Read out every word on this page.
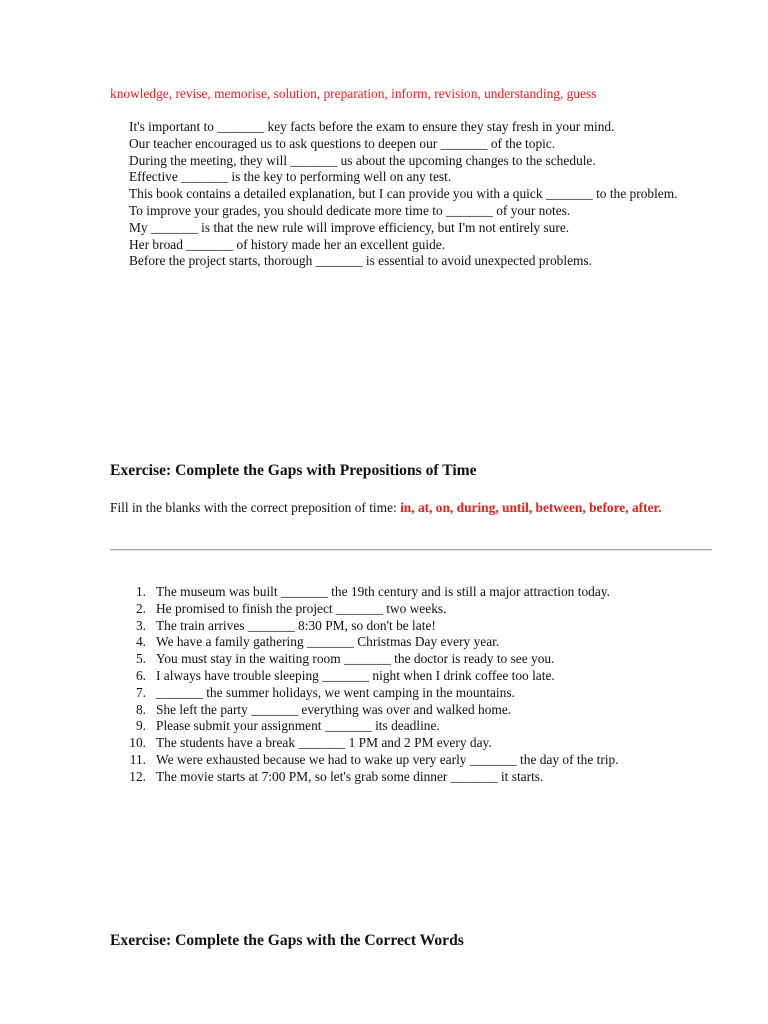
knowledge, revise, memorise, solution, preparation, inform, revision, understanding, guess
It's important to _______ key facts before the exam to ensure they stay fresh in your mind.
Our teacher encouraged us to ask questions to deepen our _______ of the topic.
During the meeting, they will _______ us about the upcoming changes to the schedule.
Effective _______ is the key to performing well on any test.
This book contains a detailed explanation, but I can provide you with a quick _______ to the problem.
To improve your grades, you should dedicate more time to _______ of your notes.
My _______ is that the new rule will improve efficiency, but I'm not entirely sure.
Her broad _______ of history made her an excellent guide.
Before the project starts, thorough _______ is essential to avoid unexpected problems.
Exercise: Complete the Gaps with Prepositions of Time
Fill in the blanks with the correct preposition of time: in, at, on, during, until, between, before, after.
1. The museum was built _______ the 19th century and is still a major attraction today.
2. He promised to finish the project _______ two weeks.
3. The train arrives _______ 8:30 PM, so don't be late!
4. We have a family gathering _______ Christmas Day every year.
5. You must stay in the waiting room _______ the doctor is ready to see you.
6. I always have trouble sleeping _______ night when I drink coffee too late.
7. _______ the summer holidays, we went camping in the mountains.
8. She left the party _______ everything was over and walked home.
9. Please submit your assignment _______ its deadline.
10. The students have a break _______ 1 PM and 2 PM every day.
11. We were exhausted because we had to wake up very early _______ the day of the trip.
12. The movie starts at 7:00 PM, so let's grab some dinner _______ it starts.
Exercise: Complete the Gaps with the Correct Words
